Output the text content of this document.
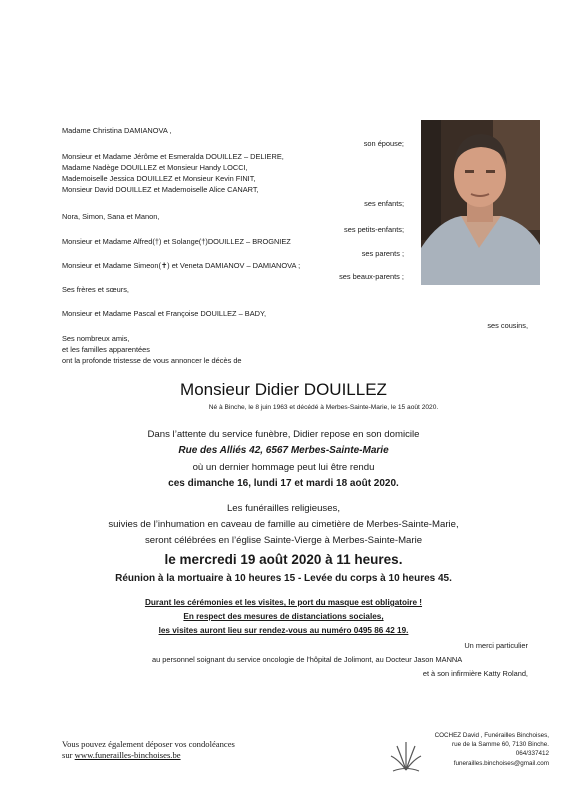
Madame Christina DAMIANOVA ,
son épouse;
Monsieur et Madame Jérôme et Esmeralda DOUILLEZ – DELIERE,
Madame Nadège DOUILLEZ et Monsieur Handy LOCCI,
Mademoiselle Jessica DOUILLEZ et Monsieur Kevin FINIT,
Monsieur David DOUILLEZ et Mademoiselle Alice CANART,
ses enfants;
Nora, Simon, Sana et Manon,
ses petits-enfants;
Monsieur et Madame Alfred(†) et Solange(†)DOUILLEZ – BROGNIEZ
ses parents ;
Monsieur et Madame Simeon(✝) et Veneta DAMIANOV – DAMIANOVA ;
ses beaux-parents ;
Ses frères et sœurs,
Monsieur et Madame Pascal et Françoise DOUILLEZ – BADY,
ses cousins,
Ses nombreux amis,
et les familles apparentées
ont la profonde tristesse de vous annoncer le décès de
Monsieur Didier DOUILLEZ
Né à Binche, le 8 juin 1963 et décédé à Merbes-Sainte-Marie, le 15 août 2020.
Dans l’attente du service funèbre, Didier repose en son domicile
Rue des Alliés 42, 6567 Merbes-Sainte-Marie
où un dernier hommage peut lui être rendu
ces dimanche 16, lundi 17 et mardi 18 août 2020.
Les funérailles religieuses,
suivies de l’inhumation en caveau de famille au cimetière de Merbes-Sainte-Marie,
seront célébrées en l’église Sainte-Vierge à Merbes-Sainte-Marie
le mercredi 19 août 2020 à 11 heures.
Réunion à la mortuaire à 10 heures 15 - Levée du corps à 10 heures 45.
Durant les cérémonies et les visites, le port du masque est obligatoire !
En respect des mesures de distanciations sociales,
les visites auront lieu sur rendez-vous au numéro 0495 86 42 19.
Un merci particulier
au personnel soignant du service oncologie de l’hôpital de Jolimont, au Docteur Jason MANNA
et à son infirmière Katty Roland,
Vous pouvez également déposer vos condoléances
sur www.funerailles-binchoises.be
COCHEZ David , Funérailles Binchoises,
rue de la Samme 60, 7130 Binche.
064/337412
funerailles.binchoises@gmail.com
